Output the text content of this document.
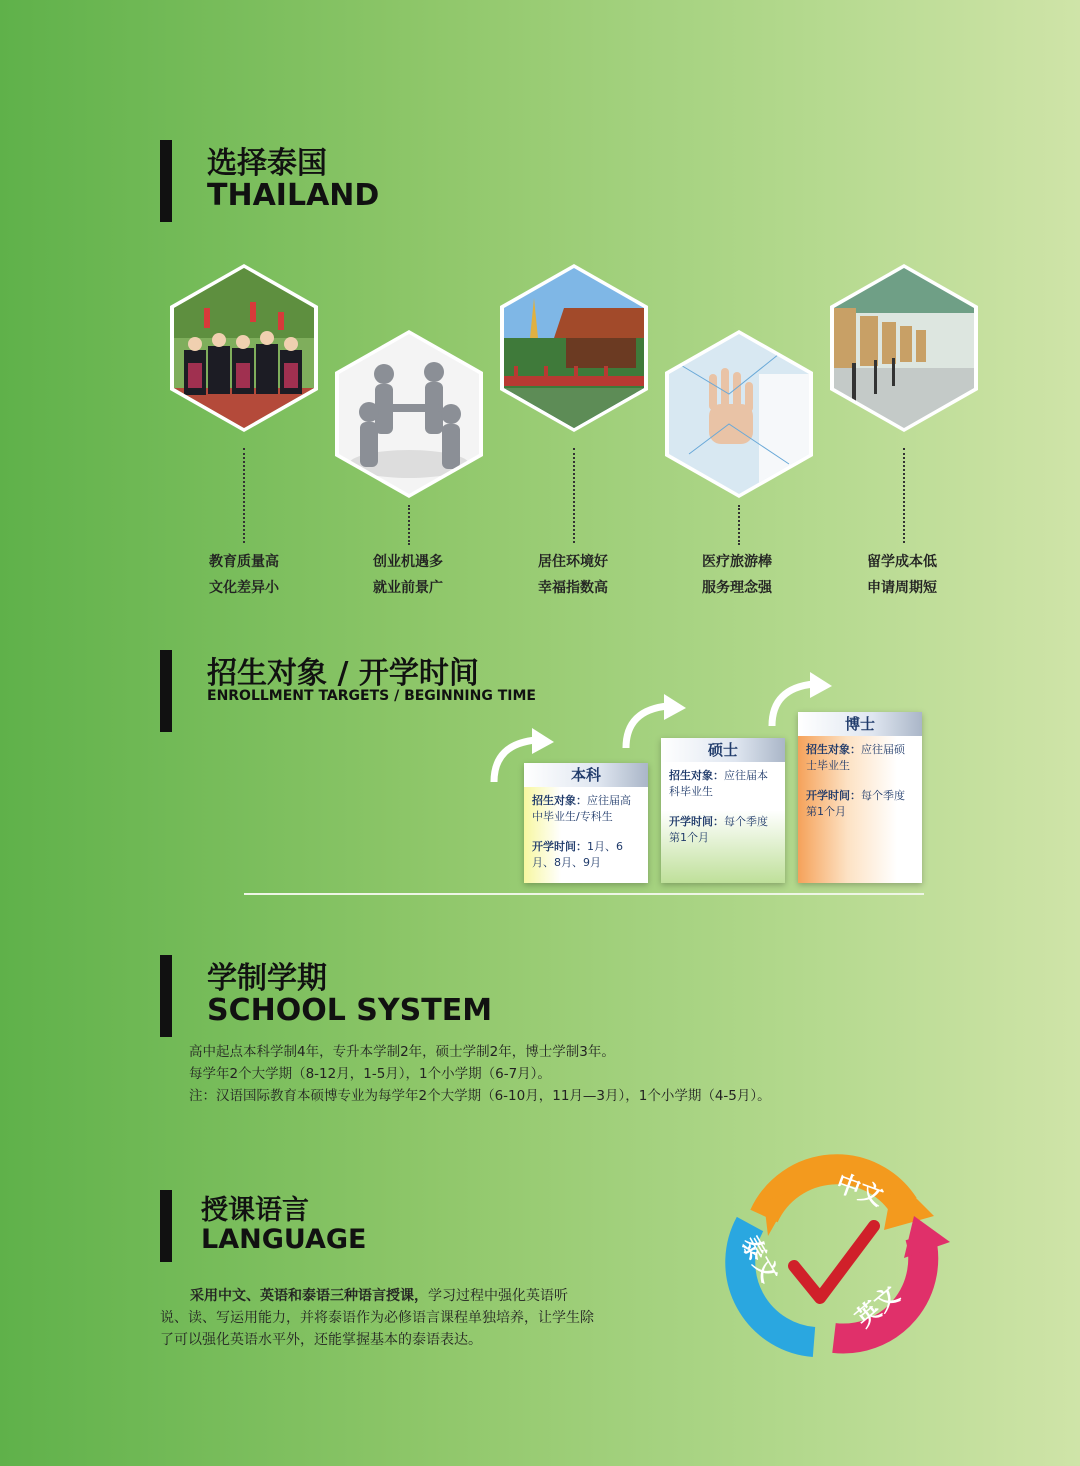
选择泰国
THAILAND
教育质量高
文化差异小
创业机遇多
就业前景广
居住环境好
幸福指数高
医疗旅游棒
服务理念强
留学成本低
申请周期短
招生对象 / 开学时间
ENROLLMENT TARGETS / BEGINNING TIME
本科
招生对象：应往届高中毕业生/专科生
开学时间：1月、6月、8月、9月
硕士
招生对象：应往届本科毕业生
开学时间：每个季度第1个月
博士
招生对象：应往届硕士毕业生
开学时间：每个季度第1个月
学制学期
SCHOOL SYSTEM
高中起点本科学制4年，专升本学制2年，硕士学制2年，博士学制3年。
每学年2个大学期（8-12月，1-5月），1个小学期（6-7月）。
注：汉语国际教育本硕博专业为每学年2个大学期（6-10月，11月—3月），1个小学期（4-5月）。
授课语言
LANGUAGE
采用中文、英语和泰语三种语言授课，学习过程中强化英语听
说、读、写运用能力，并将泰语作为必修语言课程单独培养，让学生除
了可以强化英语水平外，还能掌握基本的泰语表达。
中文
英文
泰文
